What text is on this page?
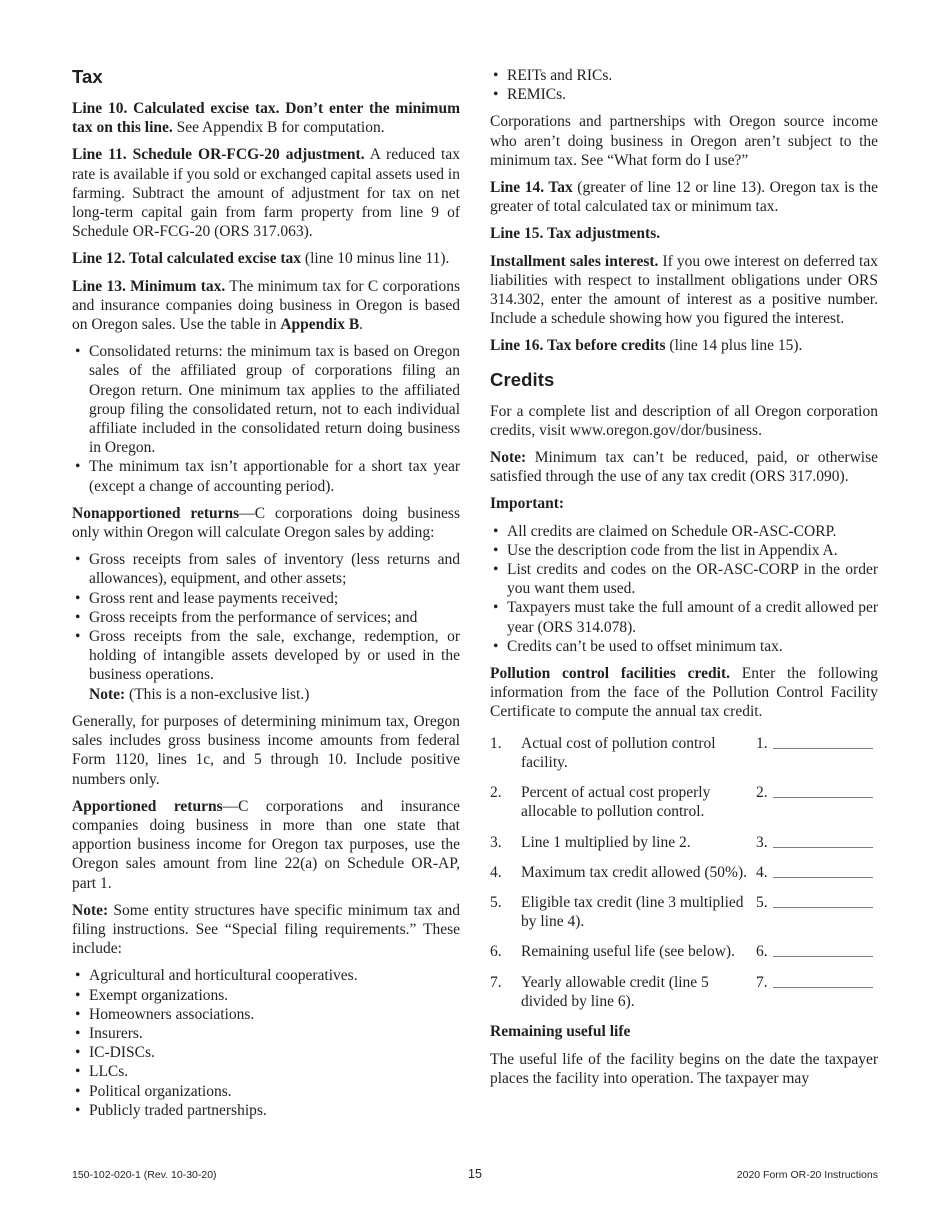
Tax

Line 10. Calculated excise tax. Don’t enter the minimum tax on this line. See Appendix B for computation.

Line 11. Schedule OR-FCG-20 adjustment. A reduced tax rate is available if you sold or exchanged capital assets used in farming. Subtract the amount of adjustment for tax on net long-term capital gain from farm property from line 9 of Schedule OR-FCG-20 (ORS 317.063).

Line 12. Total calculated excise tax (line 10 minus line 11).

Line 13. Minimum tax. The minimum tax for C corporations and insurance companies doing business in Oregon is based on Oregon sales. Use the table in Appendix B.

• Consolidated returns: the minimum tax is based on Oregon sales of the affiliated group of corporations filing an Oregon return. One minimum tax applies to the affiliated group filing the consolidated return, not to each individual affiliate included in the consolidated return doing business in Oregon.
• The minimum tax isn’t apportionable for a short tax year (except a change of accounting period).

Nonapportioned returns—C corporations doing business only within Oregon will calculate Oregon sales by adding:

• Gross receipts from sales of inventory (less returns and allowances), equipment, and other assets;
• Gross rent and lease payments received;
• Gross receipts from the performance of services; and
• Gross receipts from the sale, exchange, redemption, or holding of intangible assets developed by or used in the business operations.

Note: (This is a non-exclusive list.)

Generally, for purposes of determining minimum tax, Oregon sales includes gross business income amounts from federal Form 1120, lines 1c, and 5 through 10. Include positive numbers only.

Apportioned returns—C corporations and insurance companies doing business in more than one state that apportion business income for Oregon tax purposes, use the Oregon sales amount from line 22(a) on Schedule OR-AP, part 1.

Note: Some entity structures have specific minimum tax and filing instructions. See “Special filing requirements.” These include:

• Agricultural and horticultural cooperatives.
• Exempt organizations.
• Homeowners associations.
• Insurers.
• IC-DISCs.
• LLCs.
• Political organizations.
• Publicly traded partnerships.
• REITs and RICs.
• REMICs.

Corporations and partnerships with Oregon source income who aren’t doing business in Oregon aren’t subject to the minimum tax. See “What form do I use?”

Line 14. Tax (greater of line 12 or line 13). Oregon tax is the greater of total calculated tax or minimum tax.

Line 15. Tax adjustments.

Installment sales interest. If you owe interest on deferred tax liabilities with respect to installment obligations under ORS 314.302, enter the amount of interest as a positive number. Include a schedule showing how you figured the interest.

Line 16. Tax before credits (line 14 plus line 15).

Credits

For a complete list and description of all Oregon corporation credits, visit www.oregon.gov/dor/business.

Note: Minimum tax can’t be reduced, paid, or otherwise satisfied through the use of any tax credit (ORS 317.090).

Important:

• All credits are claimed on Schedule OR-ASC-CORP.
• Use the description code from the list in Appendix A.
• List credits and codes on the OR-ASC-CORP in the order you want them used.
• Taxpayers must take the full amount of a credit allowed per year (ORS 314.078).
• Credits can’t be used to offset minimum tax.

Pollution control facilities credit. Enter the following information from the face of the Pollution Control Facility Certificate to compute the annual tax credit.

1.	Actual cost of pollution control facility.
1.
2.	Percent of actual cost properly allocable to pollution control.
2.
3.	Line 1 multiplied by line 2.	3.
4.	Maximum tax credit allowed (50%). 4.
5.	Eligible tax credit (line 3 multiplied by line 4).
5.
6.	Remaining useful life (see below).	6.
7.	Yearly allowable credit (line 5 divided by line 6).
7.
Remaining useful life

The useful life of the facility begins on the date the taxpayer places the facility into operation. The taxpayer may

150-102-020-1 (Rev. 10-30-20)	15	2020 Form OR-20 Instructions
